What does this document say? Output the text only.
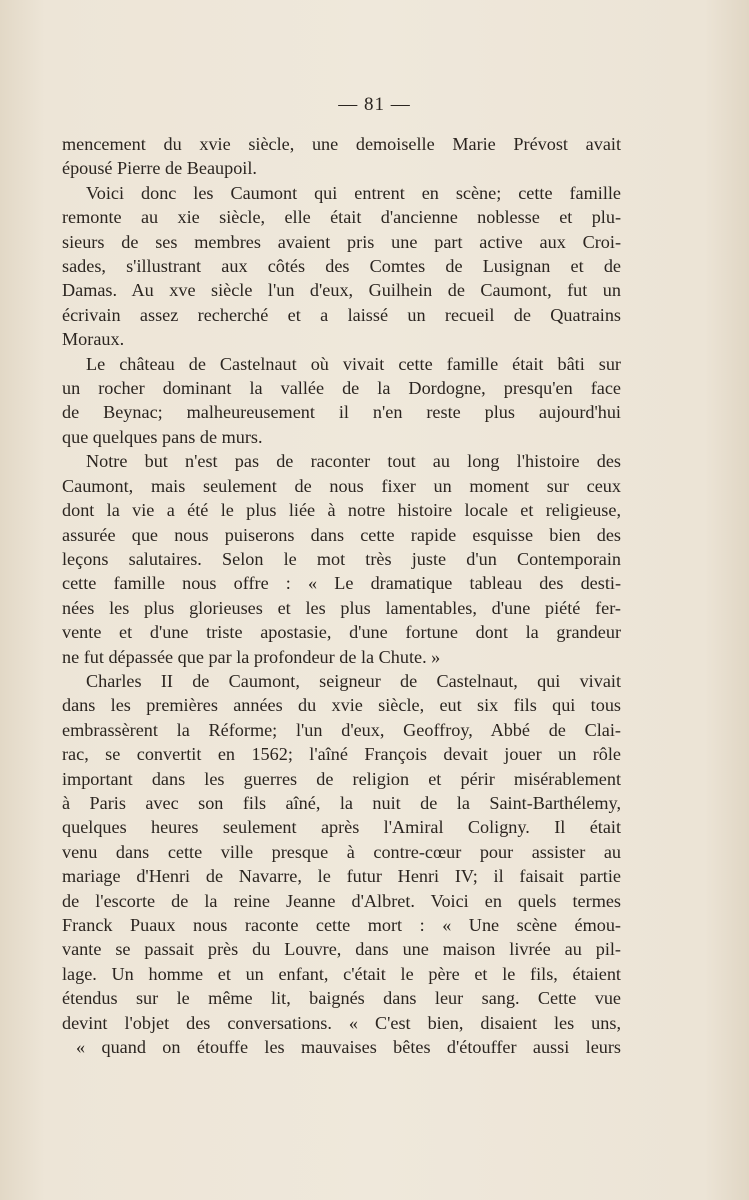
— 81 —
mencement du xvie siècle, une demoiselle Marie Prévost avait
épousé Pierre de Beaupoil.
Voici donc les Caumont qui entrent en scène; cette famille
remonte au xie siècle, elle était d'ancienne noblesse et plu-
sieurs de ses membres avaient pris une part active aux Croi-
sades, s'illustrant aux côtés des Comtes de Lusignan et de
Damas. Au xve siècle l'un d'eux, Guilhein de Caumont, fut un
écrivain assez recherché et a laissé un recueil de Quatrains
Moraux.
Le château de Castelnaut où vivait cette famille était bâti sur
un rocher dominant la vallée de la Dordogne, presqu'en face
de Beynac; malheureusement il n'en reste plus aujourd'hui
que quelques pans de murs.
Notre but n'est pas de raconter tout au long l'histoire des
Caumont, mais seulement de nous fixer un moment sur ceux
dont la vie a été le plus liée à notre histoire locale et religieuse,
assurée que nous puiserons dans cette rapide esquisse bien des
leçons salutaires. Selon le mot très juste d'un Contemporain
cette famille nous offre : « Le dramatique tableau des desti-
nées les plus glorieuses et les plus lamentables, d'une piété fer-
vente et d'une triste apostasie, d'une fortune dont la grandeur
ne fut dépassée que par la profondeur de la Chute. »
Charles II de Caumont, seigneur de Castelnaut, qui vivait
dans les premières années du xvie siècle, eut six fils qui tous
embrassèrent la Réforme; l'un d'eux, Geoffroy, Abbé de Clai-
rac, se convertit en 1562; l'aîné François devait jouer un rôle
important dans les guerres de religion et périr misérablement
à Paris avec son fils aîné, la nuit de la Saint-Barthélemy,
quelques heures seulement après l'Amiral Coligny. Il était
venu dans cette ville presque à contre-cœur pour assister au
mariage d'Henri de Navarre, le futur Henri IV; il faisait partie
de l'escorte de la reine Jeanne d'Albret. Voici en quels termes
Franck Puaux nous raconte cette mort : « Une scène émou-
vante se passait près du Louvre, dans une maison livrée au pil-
lage. Un homme et un enfant, c'était le père et le fils, étaient
étendus sur le même lit, baignés dans leur sang. Cette vue
devint l'objet des conversations. « C'est bien, disaient les uns,
« quand on étouffe les mauvaises bêtes d'étouffer aussi leurs
